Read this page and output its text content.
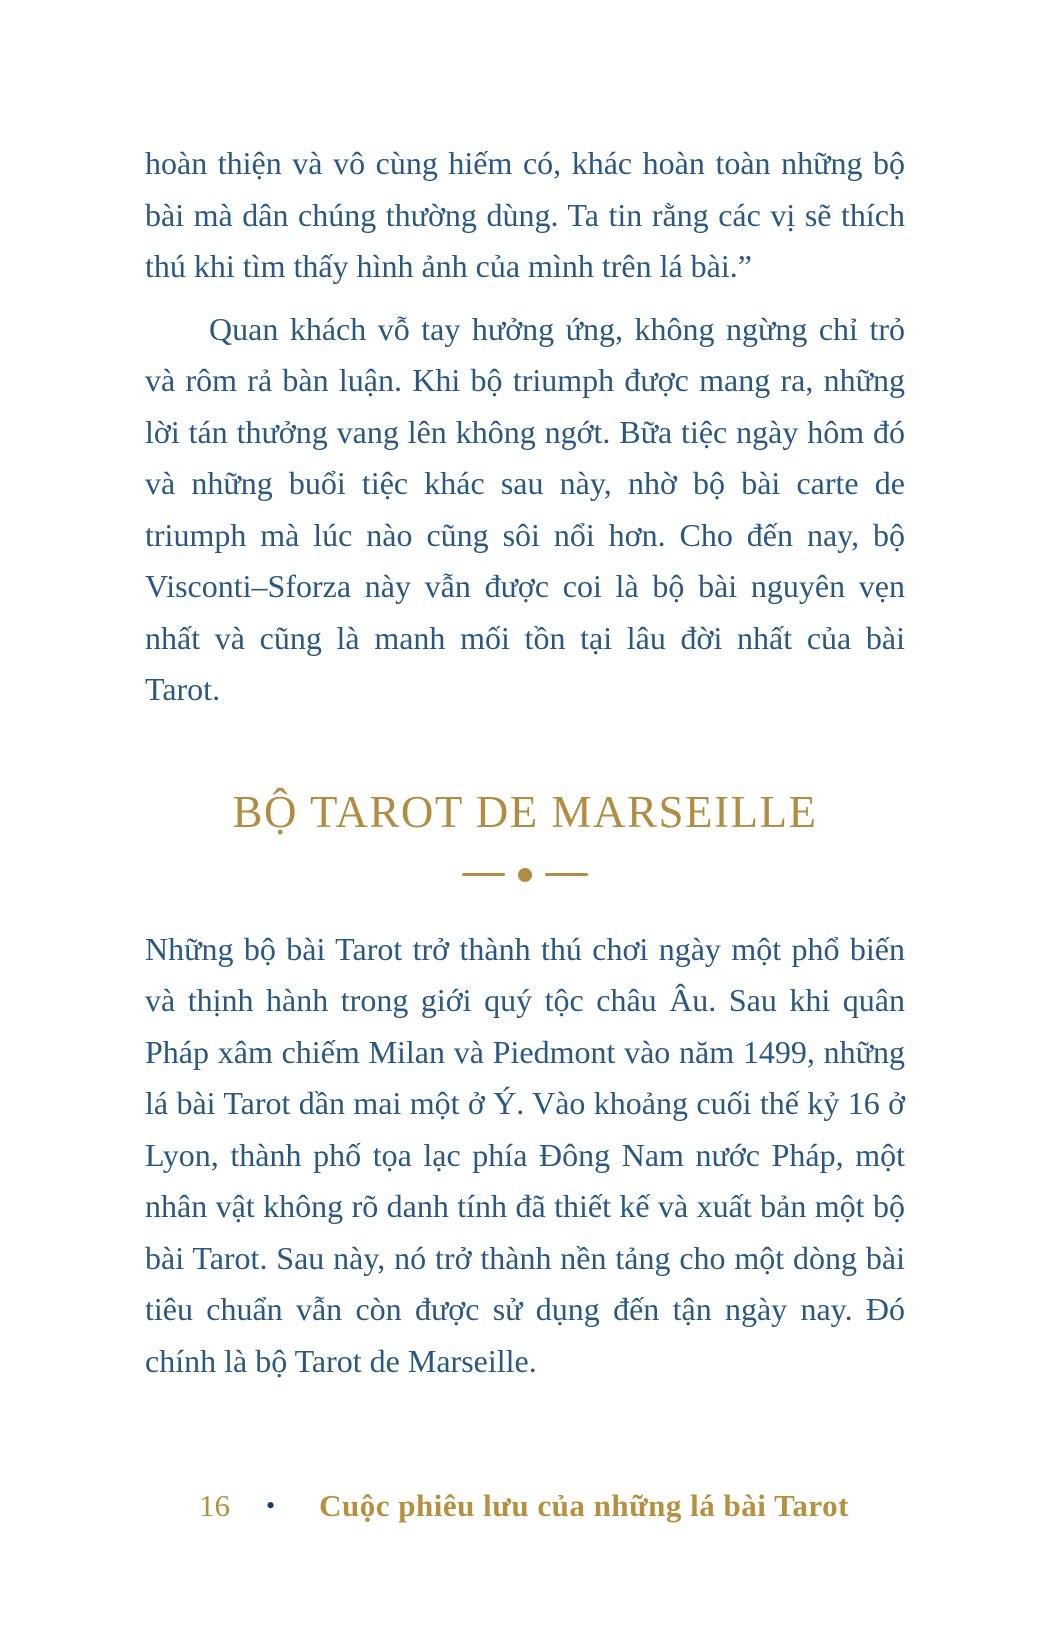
hoàn thiện và vô cùng hiếm có, khác hoàn toàn những bộ bài mà dân chúng thường dùng. Ta tin rằng các vị sẽ thích thú khi tìm thấy hình ảnh của mình trên lá bài.”

Quan khách vỗ tay hưởng ứng, không ngừng chỉ trỏ và rôm rả bàn luận. Khi bộ triumph được mang ra, những lời tán thưởng vang lên không ngớt. Bữa tiệc ngày hôm đó và những buổi tiệc khác sau này, nhờ bộ bài carte de triumph mà lúc nào cũng sôi nổi hơn. Cho đến nay, bộ Visconti–Sforza này vẫn được coi là bộ bài nguyên vẹn nhất và cũng là manh mối tồn tại lâu đời nhất của bài Tarot.

BỘ TAROT DE MARSEILLE

Những bộ bài Tarot trở thành thú chơi ngày một phổ biến và thịnh hành trong giới quý tộc châu Âu. Sau khi quân Pháp xâm chiếm Milan và Piedmont vào năm 1499, những lá bài Tarot dần mai một ở Ý. Vào khoảng cuối thế kỷ 16 ở Lyon, thành phố tọa lạc phía Đông Nam nước Pháp, một nhân vật không rõ danh tính đã thiết kế và xuất bản một bộ bài Tarot. Sau này, nó trở thành nền tảng cho một dòng bài tiêu chuẩn vẫn còn được sử dụng đến tận ngày nay. Đó chính là bộ Tarot de Marseille.

16 • Cuộc phiêu lưu của những lá bài Tarot
